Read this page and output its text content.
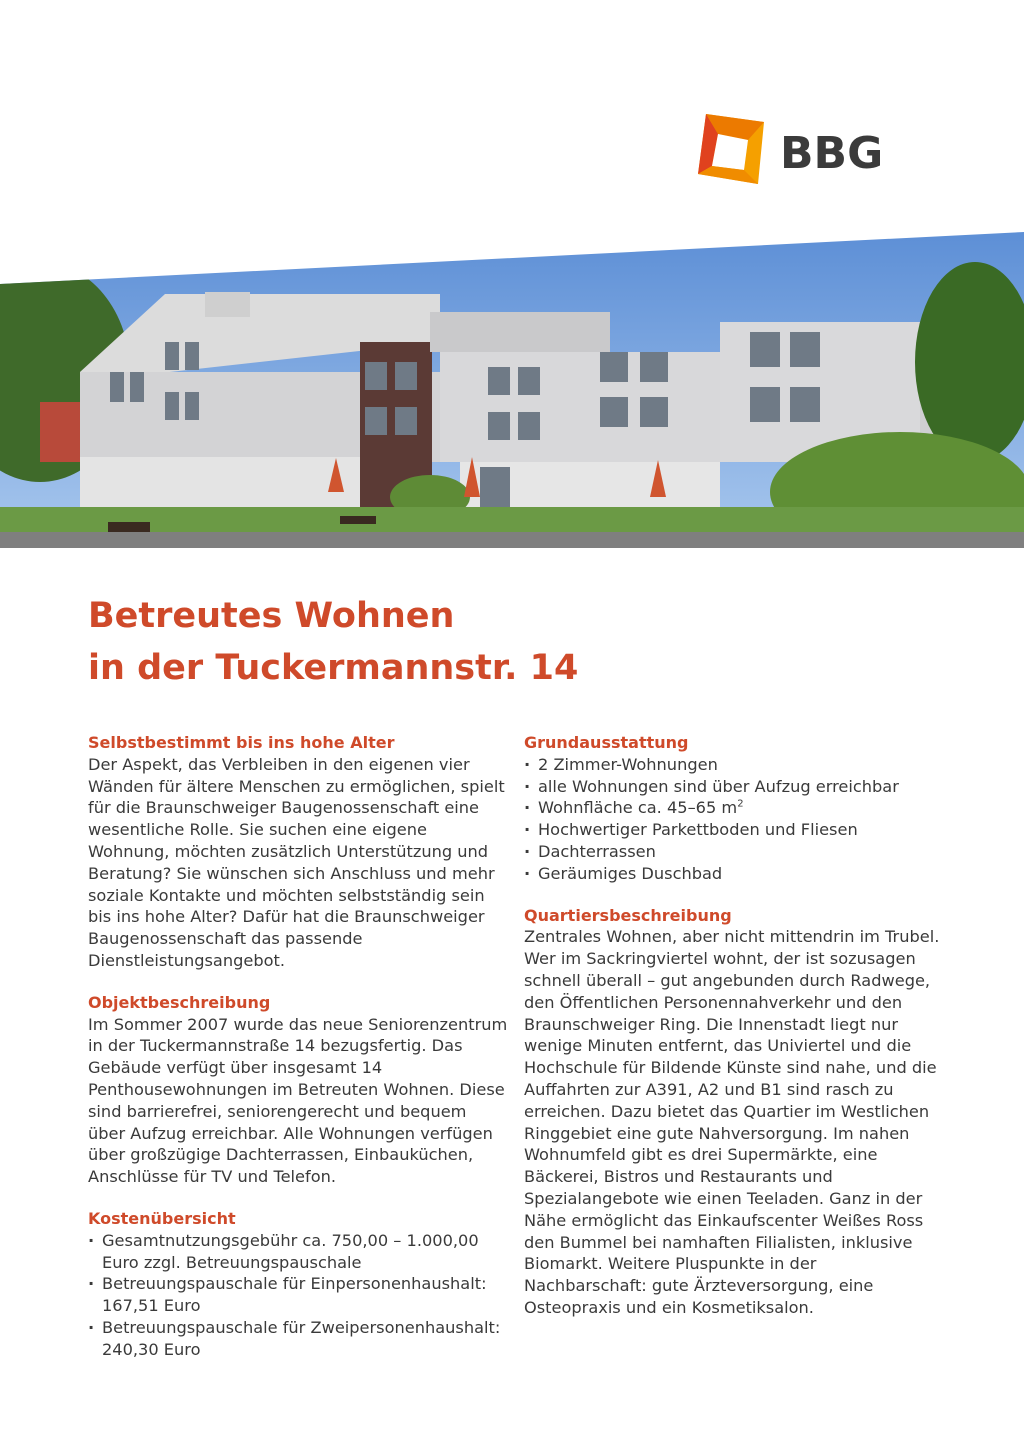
BBG
Betreutes Wohnen
in der Tuckermannstr. 14
Selbstbestimmt bis ins hohe Alter

Der Aspekt, das Verbleiben in den eigenen vier Wänden für ältere Menschen zu ermöglichen, spielt für die Braunschweiger Baugenossenschaft eine wesentliche Rolle. Sie suchen eine eigene Wohnung, möchten zusätzlich Unterstützung und Beratung? Sie wünschen sich Anschluss und mehr soziale Kontakte und möchten selbstständig sein bis ins hohe Alter? Dafür hat die Braunschweiger Baugenossenschaft das passende Dienstleistungsangebot.

Objektbeschreibung

Im Sommer 2007 wurde das neue Seniorenzentrum in der Tuckermannstraße 14 bezugsfertig. Das Gebäude verfügt über insgesamt 14 Penthousewohnungen im Betreuten Wohnen. Diese sind barrierefrei, seniorengerecht und bequem über Aufzug erreichbar. Alle Wohnungen verfügen über großzügige Dachterrassen, Einbauküchen, Anschlüsse für TV und Telefon.

Kostenübersicht
· Gesamtnutzungsgebühr ca. 750,00 – 1.000,00 Euro zzgl. Betreuungspauschale
· Betreuungspauschale für Einpersonenhaushalt: 167,51 Euro
· Betreuungspauschale für Zweipersonenhaushalt: 240,30 Euro
Grundausstattung
· 2 Zimmer-Wohnungen
· alle Wohnungen sind über Aufzug erreichbar
· Wohnfläche ca. 45–65 $m^2$
· Hochwertiger Parkettboden und Fliesen
· Dachterrassen
· Geräumiges Duschbad
Quartiersbeschreibung

Zentrales Wohnen, aber nicht mittendrin im Trubel. Wer im Sackringviertel wohnt, der ist sozusagen schnell überall – gut angebunden durch Radwege, den Öffentlichen Personennahverkehr und den Braunschweiger Ring. Die Innenstadt liegt nur wenige Minuten entfernt, das Univiertel und die Hochschule für Bildende Künste sind nahe, und die Auffahrten zur A391, A2 und B1 sind rasch zu erreichen. Dazu bietet das Quartier im Westlichen Ringgebiet eine gute Nahversorgung. Im nahen Wohnumfeld gibt es drei Supermärkte, eine Bäckerei, Bistros und Restaurants und Spezialangebote wie einen Teeladen. Ganz in der Nähe ermöglicht das Einkaufscenter Weißes Ross den Bummel bei namhaften Filialisten, inklusive Biomarkt. Weitere Pluspunkte in der Nachbarschaft: gute Ärzteversorgung, eine Osteopraxis und ein Kosmetiksalon.
